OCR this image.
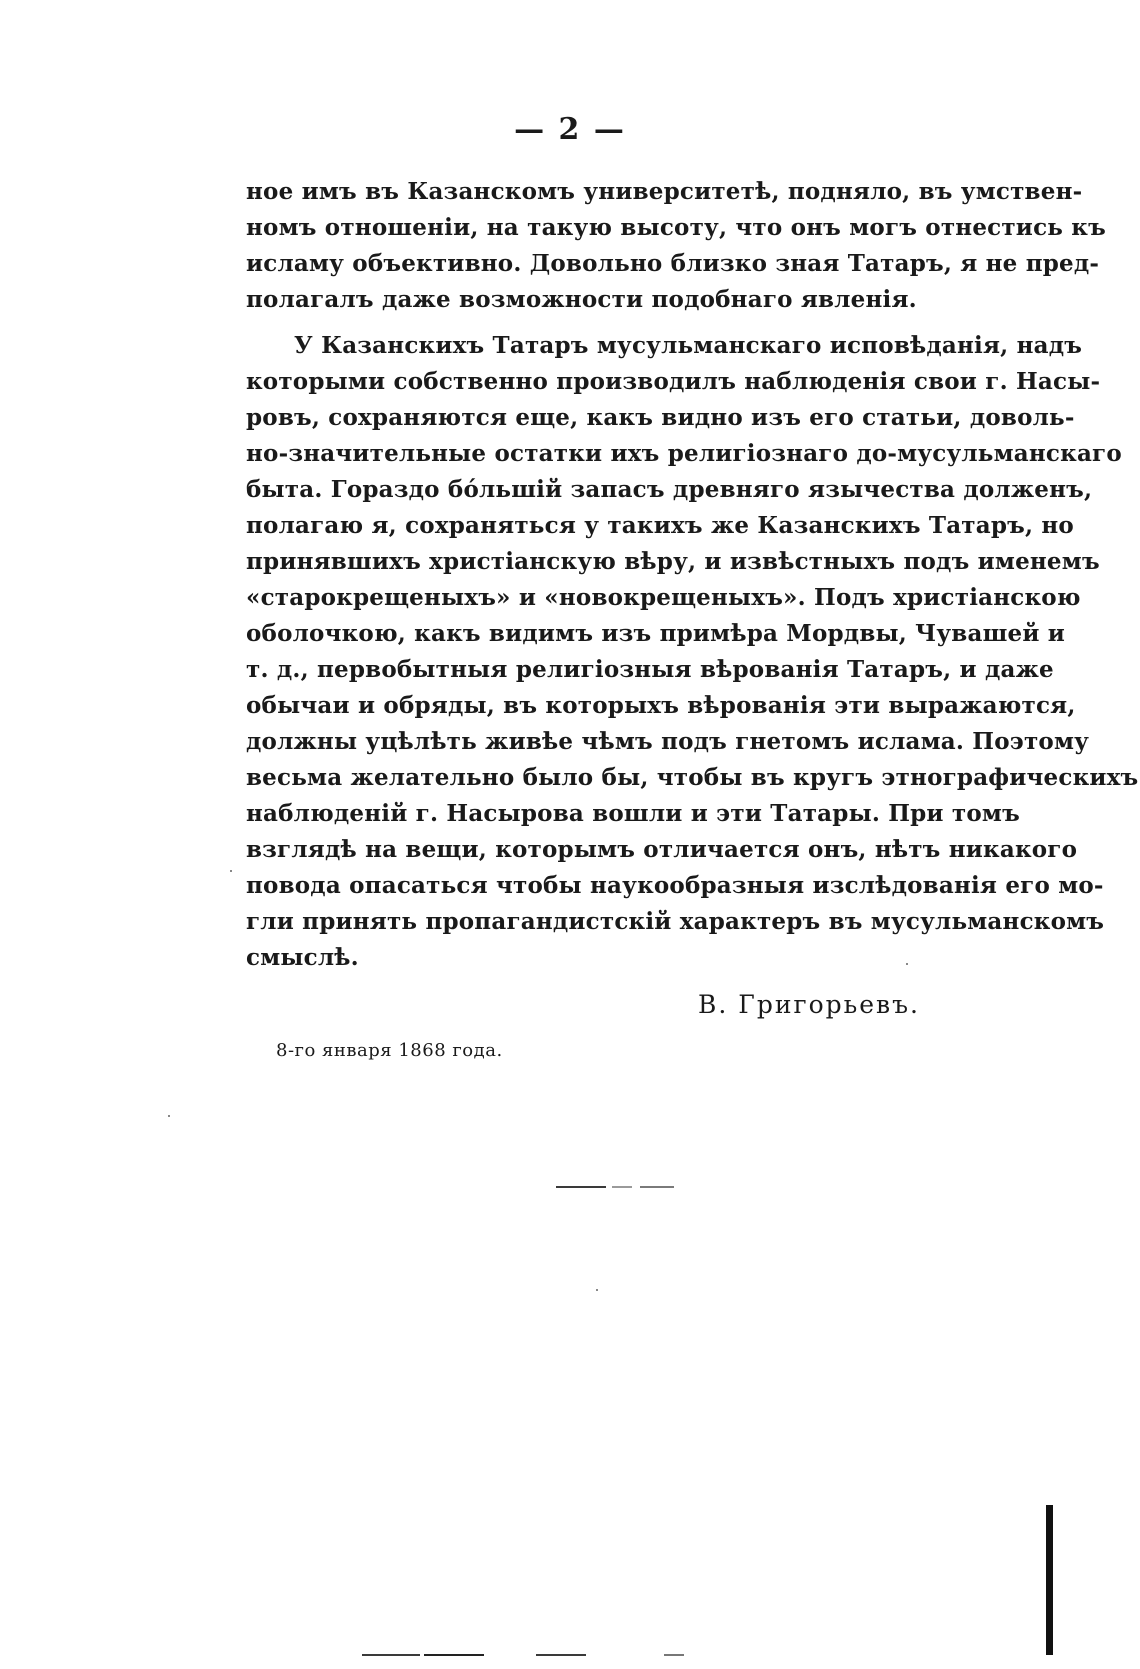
— 2 —
ное имъ въ Казанскомъ университетѣ, подняло, въ умствен-
номъ отношеніи, на такую высоту, что онъ могъ отнестись къ
исламу объективно. Довольно близко зная Татаръ, я не пред-
полагалъ даже возможности подобнаго явленія.
У Казанскихъ Татаръ мусульманскаго исповѣданія, надъ
которыми собственно производилъ наблюденія свои г. Насы-
ровъ, сохраняются еще, какъ видно изъ его статьи, доволь-
но-значительные остатки ихъ религіознаго до-мусульманскаго
быта. Гораздо бо́льшій запасъ древняго язычества долженъ,
полагаю я, сохраняться у такихъ же Казанскихъ Татаръ, но
принявшихъ христіанскую вѣру, и извѣстныхъ подъ именемъ
«старокрещеныхъ» и «новокрещеныхъ». Подъ христіанскою
оболочкою, какъ видимъ изъ примѣра Мордвы, Чувашей и
т. д., первобытныя религіозныя вѣрованія Татаръ, и даже
обычаи и обряды, въ которыхъ вѣрованія эти выражаются,
должны уцѣлѣть живѣе чѣмъ подъ гнетомъ ислама. Поэтому
весьма желательно было бы, чтобы въ кругъ этнографическихъ
наблюденій г. Насырова вошли и эти Татары. При томъ
взглядѣ на вещи, которымъ отличается онъ, нѣтъ никакого
повода опасаться чтобы наукообразныя изслѣдованія его мо-
гли принять пропагандистскій характеръ въ мусульманскомъ
смыслѣ.
В. Григорьевъ.
8-го января 1868 года.
